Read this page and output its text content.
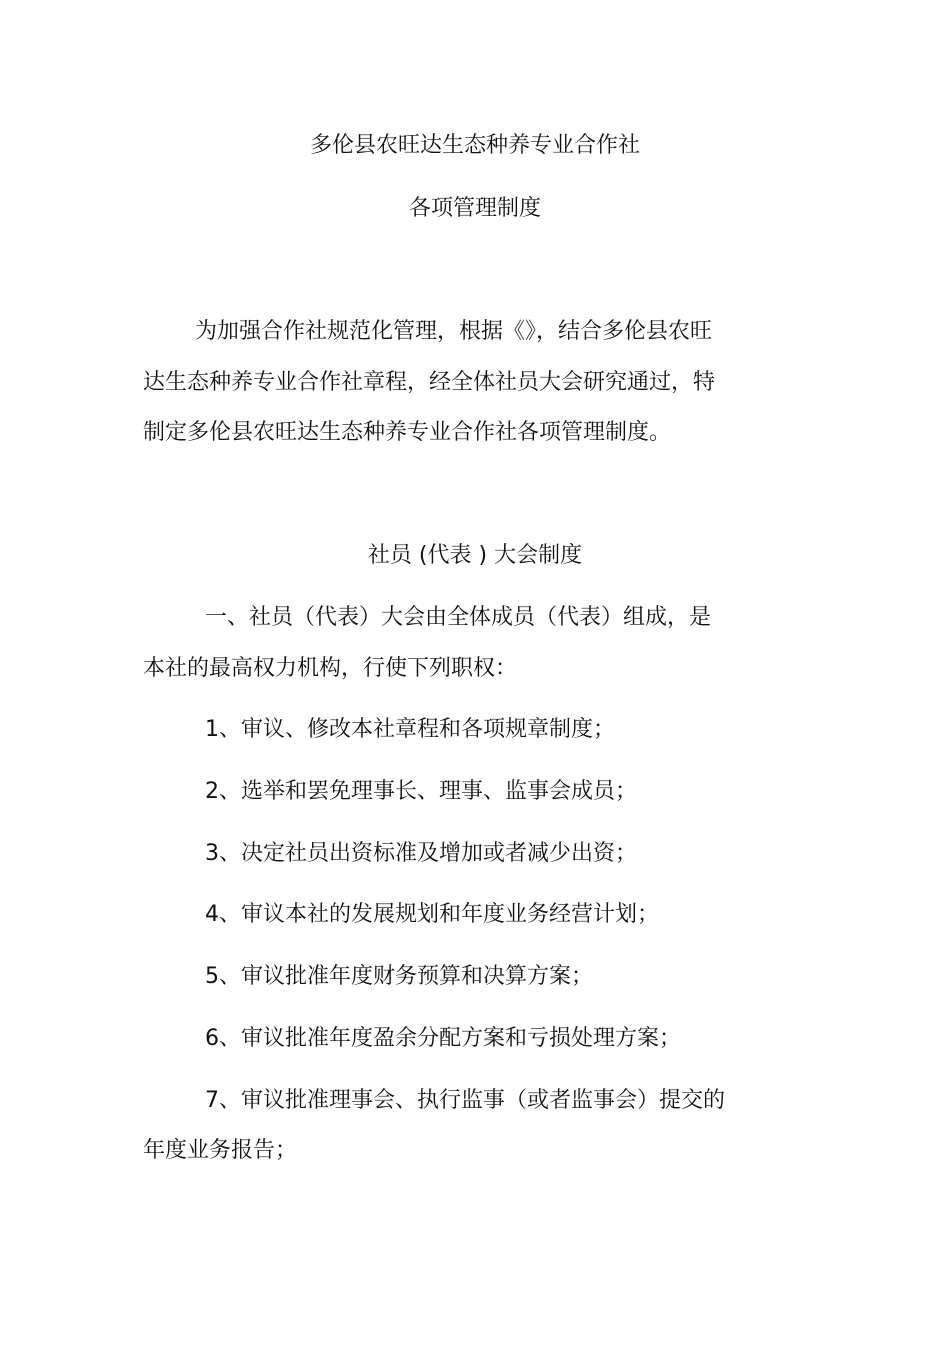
多伦县农旺达生态种养专业合作社
各项管理制度
为加强合作社规范化管理，根据《》，结合多伦县农旺
达生态种养专业合作社章程，经全体社员大会研究通过，特
制定多伦县农旺达生态种养专业合作社各项管理制度。
社员 (代表 ) 大会制度
一、社员（代表）大会由全体成员（代表）组成，是
本社的最高权力机构，行使下列职权：
1、审议、修改本社章程和各项规章制度；
2、选举和罢免理事长、理事、监事会成员；
3、决定社员出资标准及增加或者减少出资；
4、审议本社的发展规划和年度业务经营计划；
5、审议批准年度财务预算和决算方案；
6、审议批准年度盈余分配方案和亏损处理方案；
7、审议批准理事会、执行监事（或者监事会）提交的
年度业务报告；
